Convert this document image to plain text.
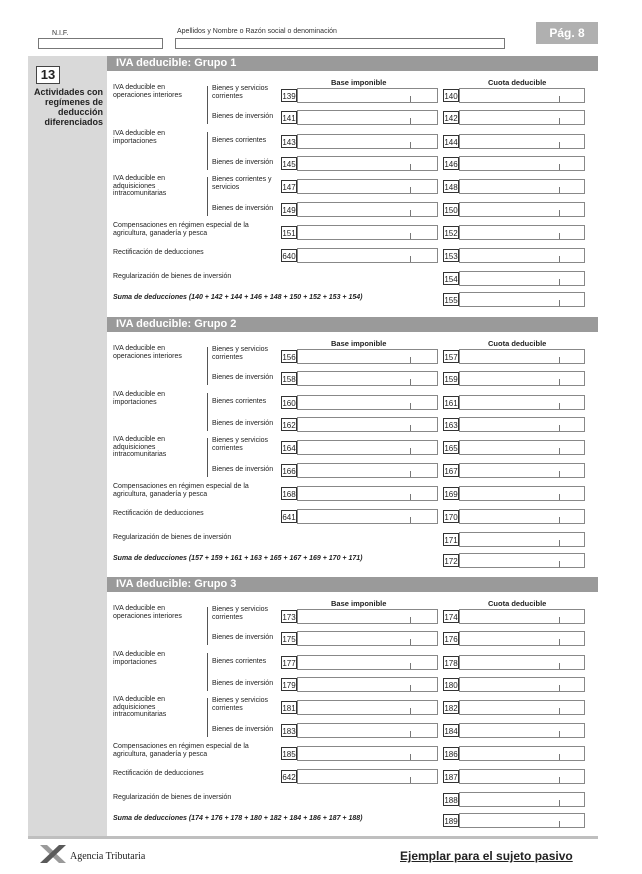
N.I.F.	Apellidos y Nombre o Razón social o denominación	Pág. 8
13
Actividades con regímenes de deducción diferenciados
IVA deducible: Grupo 1
Base imponible	Cuota deducible
IVA deducible en operaciones interiores
Bienes y servicios corrientes	139	140
Bienes de inversión	141	142
IVA deducible en importaciones	Bienes corrientes	143	144
Bienes de inversión	145	146
IVA deducible en adquisiciones intracomunitarias
Bienes corrientes y servicios	147	148
Bienes de inversión	149	150
Compensaciones en régimen especial de la agricultura, ganadería y pesca	151	152
Rectificación de deducciones	640	153
Regularización de bienes de inversión	154
Suma de deducciones (140 + 142 + 144 + 146 + 148 + 150 + 152 + 153 + 154)	155
IVA deducible: Grupo 2
Base imponible	Cuota deducible
IVA deducible en operaciones interiores
Bienes y servicios corrientes	156	157
Bienes de inversión	158	159
IVA deducible en importaciones	Bienes corrientes	160	161
Bienes de inversión	162	163
IVA deducible en adquisiciones intracomunitarias
Bienes y servicios corrientes	164	165
Bienes de inversión	166	167
Compensaciones en régimen especial de la agricultura, ganadería y pesca	168	169
Rectificación de deducciones	641	170
Regularización de bienes de inversión	171
Suma de deducciones (157 + 159 + 161 + 163 + 165 + 167 + 169 + 170 + 171)	172
IVA deducible: Grupo 3
Base imponible	Cuota deducible
IVA deducible en operaciones interiores
Bienes y servicios corrientes	173	174
Bienes de inversión	175	176
IVA deducible en importaciones	Bienes corrientes	177	178
Bienes de inversión	179	180
IVA deducible en adquisiciones intracomunitarias
Bienes y servicios corrientes	181	182
Bienes de inversión	183	184
Compensaciones en régimen especial de la agricultura, ganadería y pesca	185	186
Rectificación de deducciones	642	187
Regularización de bienes de inversión	188
Suma de deducciones (174 + 176 + 178 + 180 + 182 + 184 + 186 + 187 + 188)	189
Agencia Tributaria	Ejemplar para el sujeto pasivo
